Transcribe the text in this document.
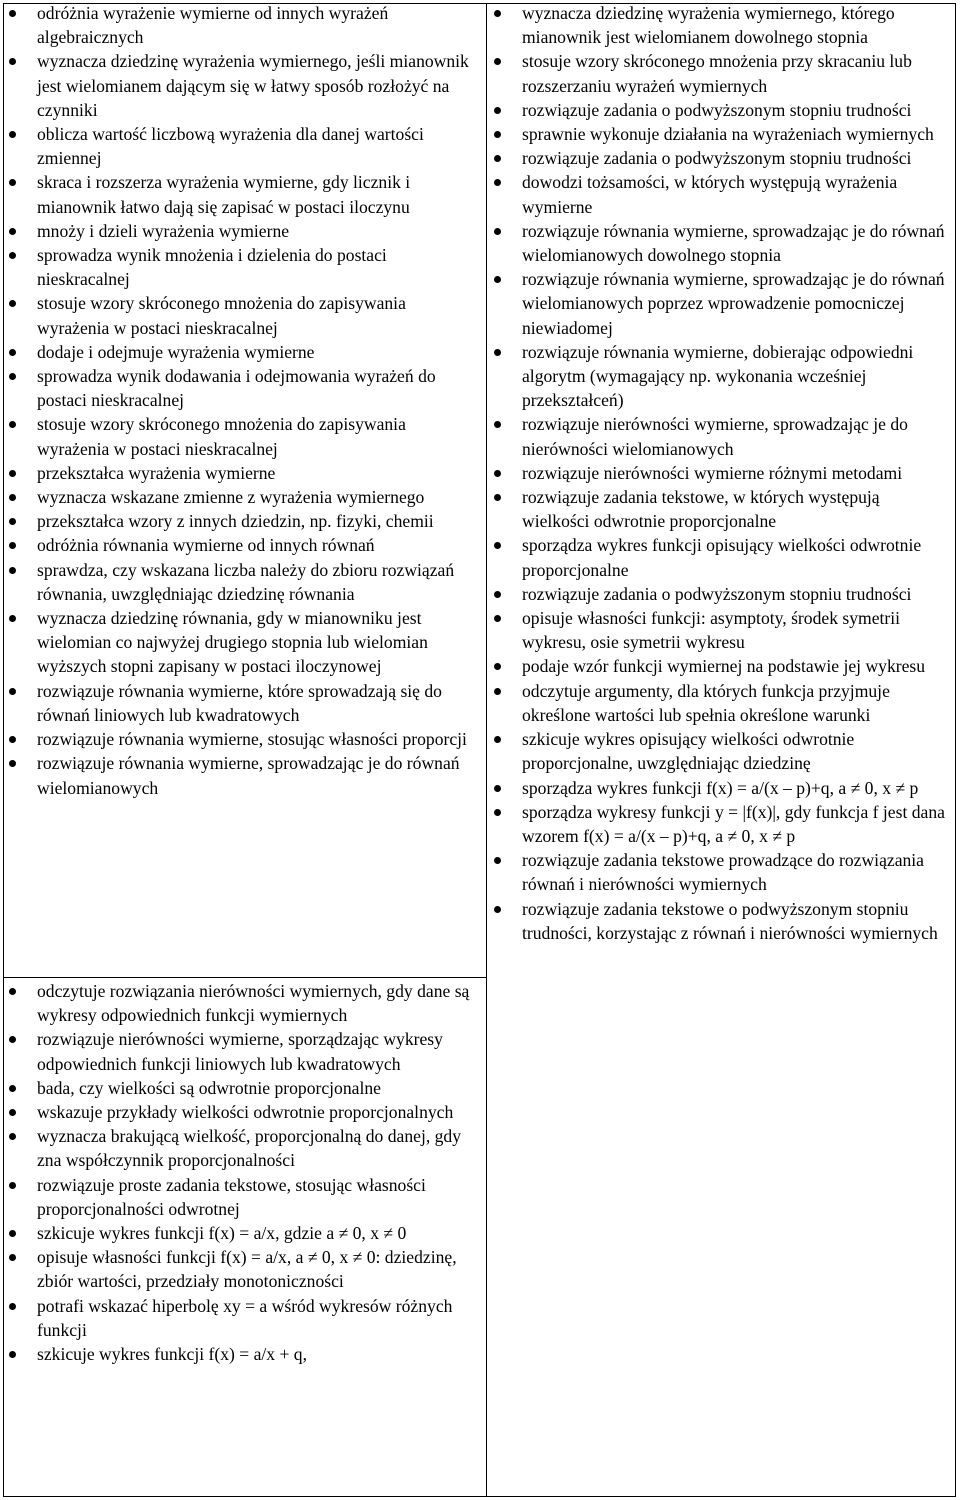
odróżnia wyrażenie wymierne od innych wyrażeń algebraicznych
wyznacza dziedzinę wyrażenia wymiernego, jeśli mianownik jest wielomianem dającym się w łatwy sposób rozłożyć na czynniki
oblicza wartość liczbową wyrażenia dla danej wartości zmiennej
skraca i rozszerza wyrażenia wymierne, gdy licznik i mianownik łatwo dają się zapisać w postaci iloczynu
mnoży i dzieli wyrażenia wymierne
sprowadza wynik mnożenia i dzielenia do postaci nieskracalnej
stosuje wzory skróconego mnożenia do zapisywania wyrażenia w postaci nieskracalnej
dodaje i odejmuje wyrażenia wymierne
sprowadza wynik dodawania i odejmowania wyrażeń do postaci nieskracalnej
stosuje wzory skróconego mnożenia do zapisywania wyrażenia w postaci nieskracalnej
przekształca wyrażenia wymierne
wyznacza wskazane zmienne z wyrażenia wymiernego
przekształca wzory z innych dziedzin, np. fizyki, chemii
odróżnia równania wymierne od innych równań
sprawdza, czy wskazana liczba należy do zbioru rozwiązań równania, uwzględniając dziedzinę równania
wyznacza dziedzinę równania, gdy w mianowniku jest wielomian co najwyżej drugiego stopnia lub wielomian wyższych stopni zapisany w postaci iloczynowej
rozwiązuje równania wymierne, które sprowadzają się do równań liniowych lub kwadratowych
rozwiązuje równania wymierne, stosując własności proporcji
rozwiązuje równania wymierne, sprowadzając je do równań wielomianowych
odczytuje rozwiązania nierówności wymiernych, gdy dane są wykresy odpowiednich funkcji wymiernych
rozwiązuje nierówności wymierne, sporządzając wykresy odpowiednich funkcji liniowych lub kwadratowych
bada, czy wielkości są odwrotnie proporcjonalne
wskazuje przykłady wielkości odwrotnie proporcjonalnych
wyznacza brakującą wielkość, proporcjonalną do danej, gdy zna współczynnik proporcjonalności
rozwiązuje proste zadania tekstowe, stosując własności proporcjonalności odwrotnej
szkicuje wykres funkcji f(x) = a/x, gdzie a ≠ 0, x ≠ 0
opisuje własności funkcji f(x) = a/x, a ≠ 0, x ≠ 0: dziedzinę, zbiór wartości, przedziały monotoniczności
potrafi wskazać hiperbolę xy = a wśród wykresów różnych funkcji
szkicuje wykres funkcji f(x) = a/x + q,
wyznacza dziedzinę wyrażenia wymiernego, którego mianownik jest wielomianem dowolnego stopnia
stosuje wzory skróconego mnożenia przy skracaniu lub rozszerzaniu wyrażeń wymiernych
rozwiązuje zadania o podwyższonym stopniu trudności
sprawnie wykonuje działania na wyrażeniach wymiernych
rozwiązuje zadania o podwyższonym stopniu trudności
dowodzi tożsamości, w których występują wyrażenia wymierne
rozwiązuje równania wymierne, sprowadzając je do równań wielomianowych dowolnego stopnia
rozwiązuje równania wymierne, sprowadzając je do równań wielomianowych poprzez wprowadzenie pomocniczej niewiadomej
rozwiązuje równania wymierne, dobierając odpowiedni algorytm (wymagający np. wykonania wcześniej przekształceń)
rozwiązuje nierówności wymierne, sprowadzając je do nierówności wielomianowych
rozwiązuje nierówności wymierne różnymi metodami
rozwiązuje zadania tekstowe, w których występują wielkości odwrotnie proporcjonalne
sporządza wykres funkcji opisujący wielkości odwrotnie proporcjonalne
rozwiązuje zadania o podwyższonym stopniu trudności
opisuje własności funkcji: asymptoty, środek symetrii wykresu, osie symetrii wykresu
podaje wzór funkcji wymiernej na podstawie jej wykresu
odczytuje argumenty, dla których funkcja przyjmuje określone wartości lub spełnia określone warunki
szkicuje wykres opisujący wielkości odwrotnie proporcjonalne, uwzględniając dziedzinę
sporządza wykres funkcji f(x) = a/(x – p)+q, a ≠ 0, x ≠ p
sporządza wykresy funkcji y = |f(x)|, gdy funkcja f jest dana wzorem f(x) = a/(x – p)+q, a ≠ 0, x ≠ p
rozwiązuje zadania tekstowe prowadzące do rozwiązania równań i nierówności wymiernych
rozwiązuje zadania tekstowe o podwyższonym stopniu trudności, korzystając z równań i nierówności wymiernych
